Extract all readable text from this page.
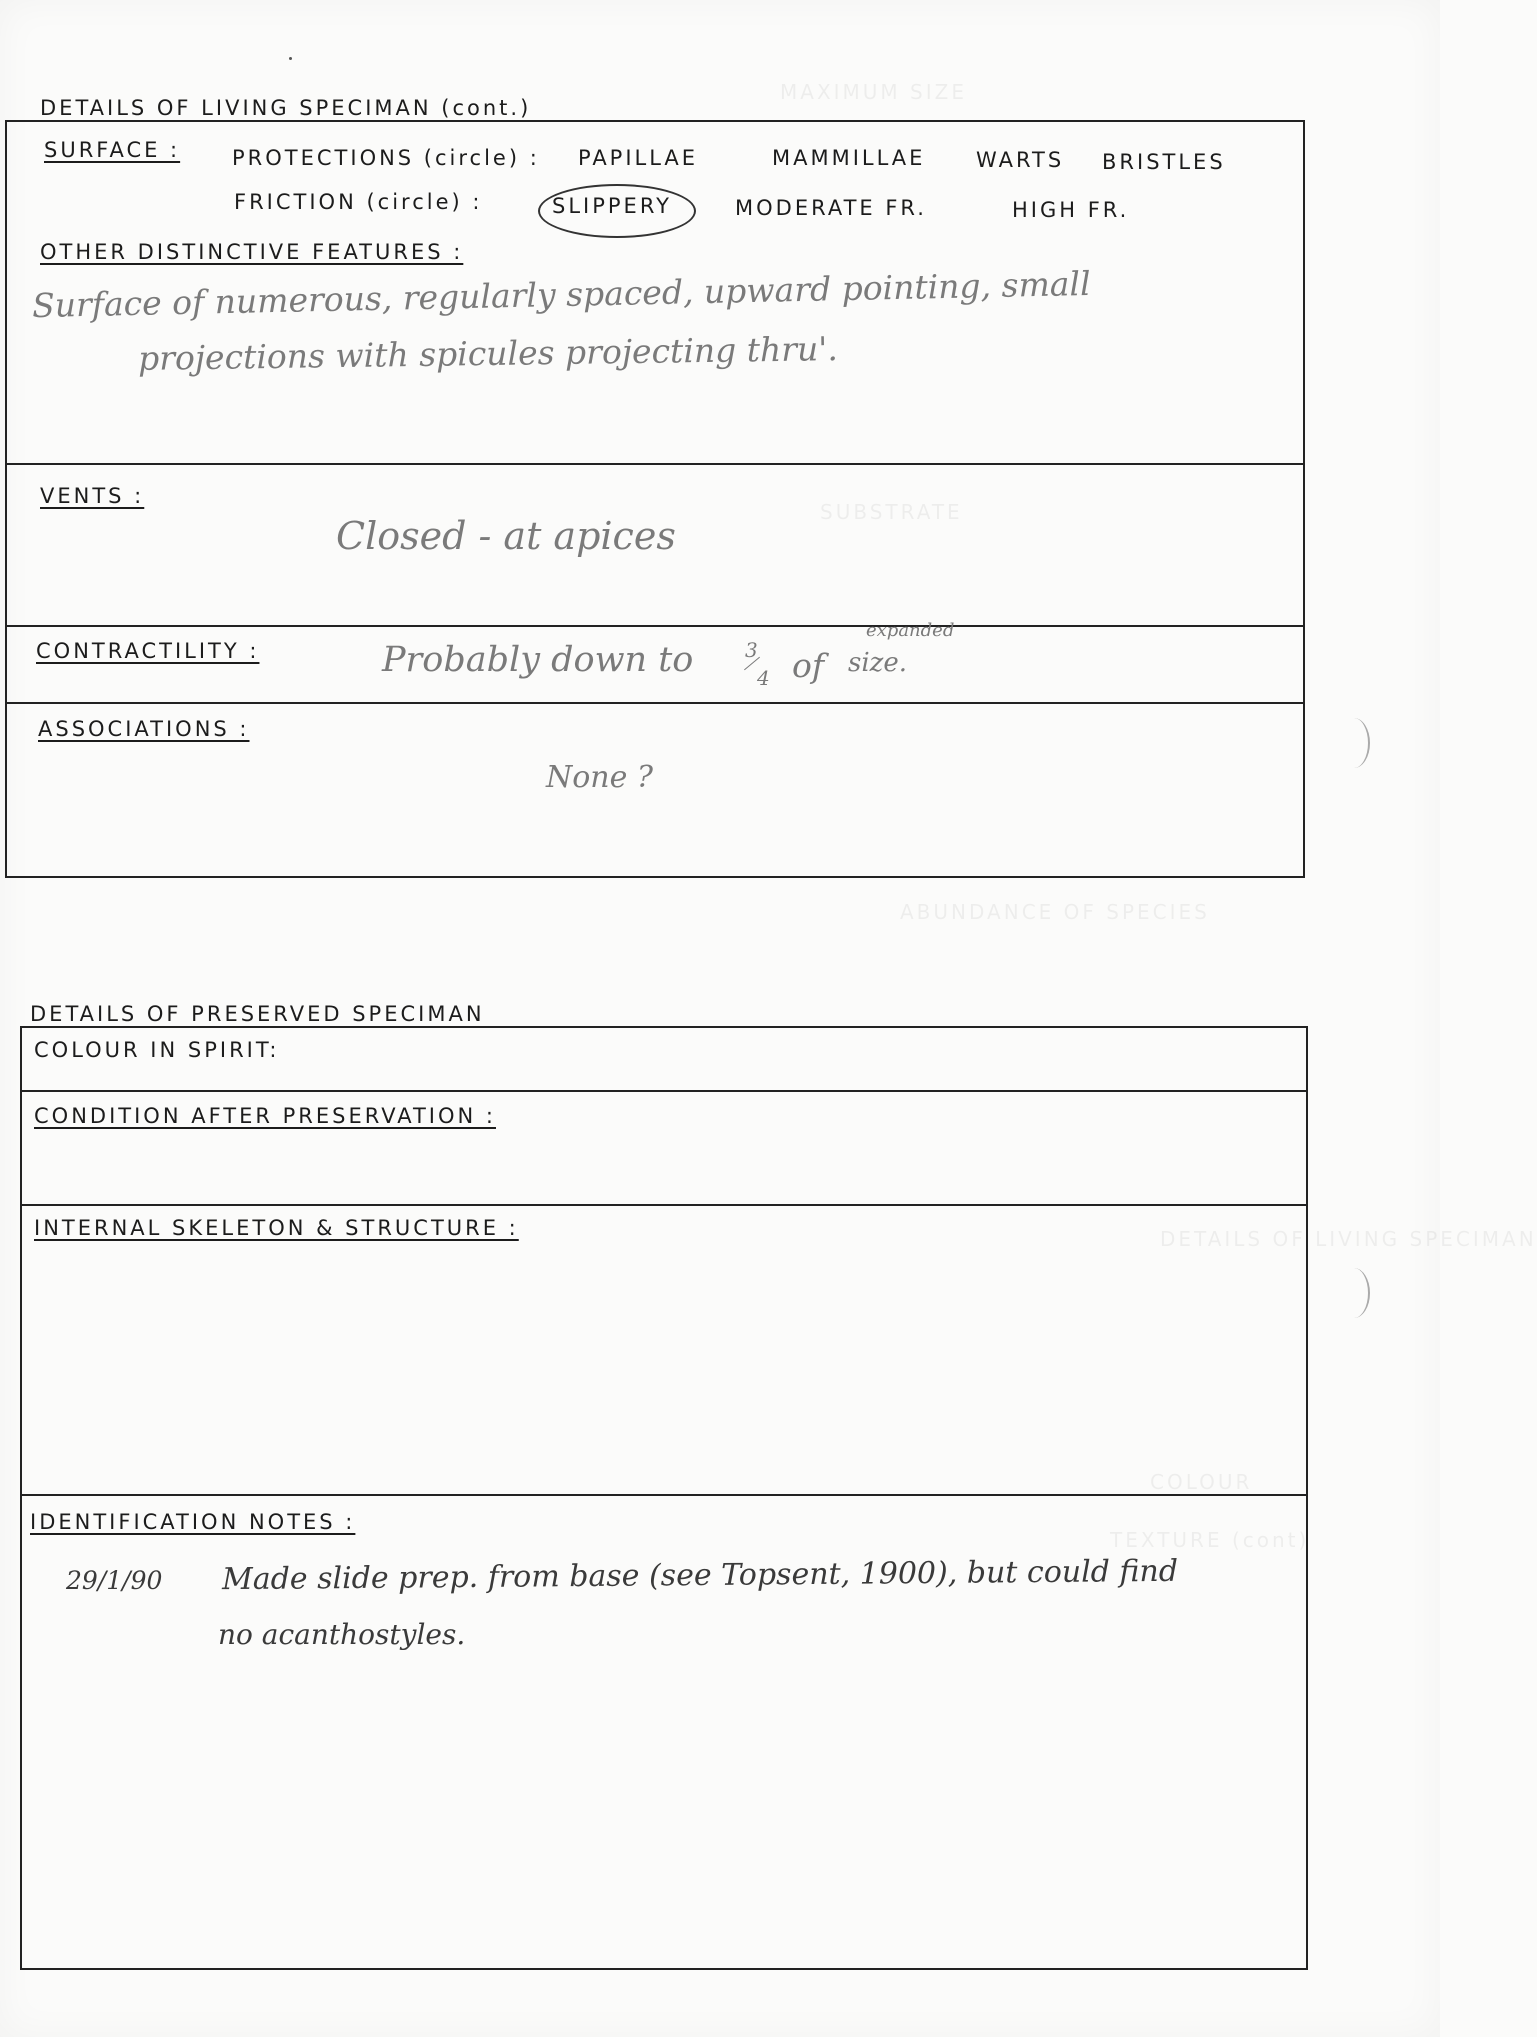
MAXIMUM SIZE
SUBSTRATE
ABUNDANCE OF SPECIES
DETAILS OF LIVING SPECIMAN
COLOUR
TEXTURE (cont)
DETAILS OF LIVING SPECIMAN (cont.)
SURFACE : PROTECTIONS (circle) : PAPILLAE	MAMMILLAE WARTS BRISTLES
FRICTION (circle) :	SLIPPERY	MODERATE FR.	HIGH FR.
OTHER DISTINCTIVE FEATURES :
Surface of numerous, regularly spaced, upward pointing, small
projections with spicules projecting thru'.
VENTS :
Closed - at apices
CONTRACTILITY :	Probably down to	3
4 of
expanded
size.
ASSOCIATIONS :
None ?
DETAILS OF PRESERVED SPECIMAN
COLOUR IN SPIRIT:
CONDITION AFTER PRESERVATION :
INTERNAL SKELETON & STRUCTURE :
IDENTIFICATION NOTES :
29/1/90 Made slide prep. from base (see Topsent, 1900), but could find
no acanthostyles.
